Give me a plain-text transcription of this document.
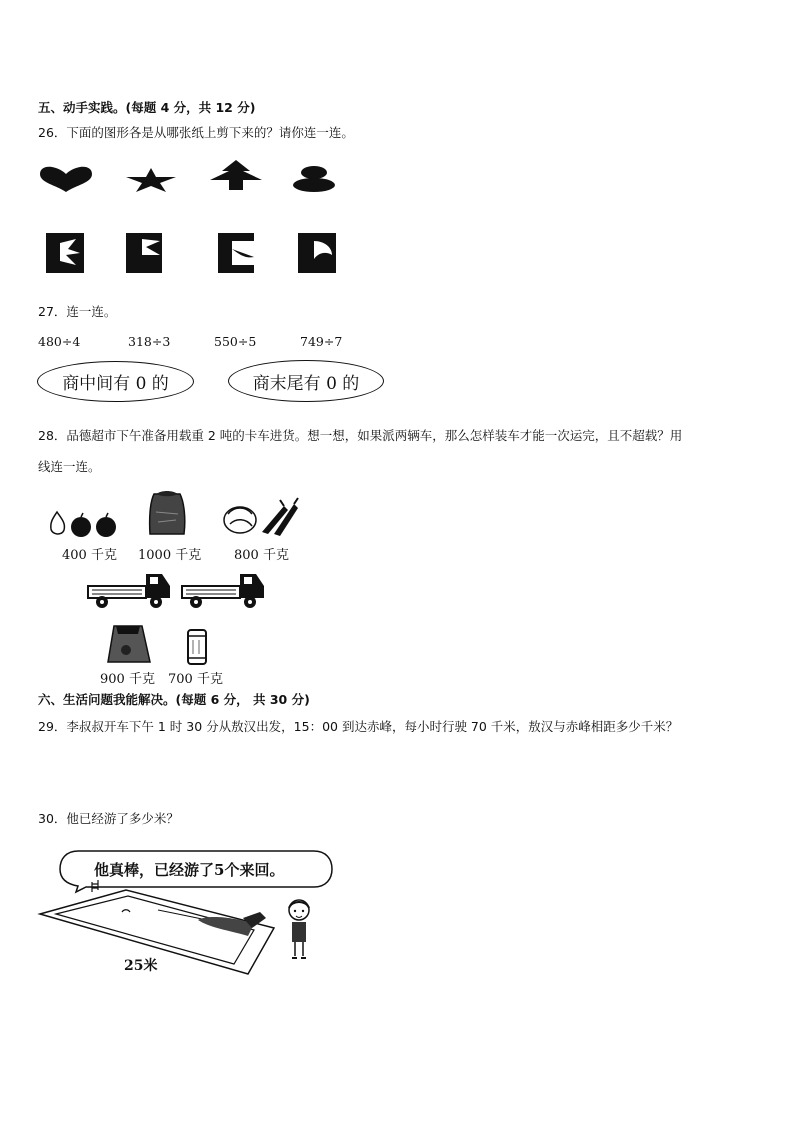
五、动手实践。(每题 4 分，共 12 分)
26．下面的图形各是从哪张纸上剪下来的？请你连一连。
27．连一连。
480÷4	318÷3	550÷5	749÷7
商中间有 0 的	商末尾有 0 的
28．品德超市下午准备用载重 2 吨的卡车进货。想一想，如果派两辆车，那么怎样装车才能一次运完，且不超载？用
线连一连。
400 千克 1000 千克	800 千克
900 千克 700 千克
六、生活问题我能解决。(每题 6 分， 共 30 分)
29．李叔叔开车下午 1 时 30 分从敖汉出发，15：00 到达赤峰，每小时行驶 70 千米，敖汉与赤峰相距多少千米？
30．他已经游了多少米？
他真棒，已经游了5个来回。
25米
